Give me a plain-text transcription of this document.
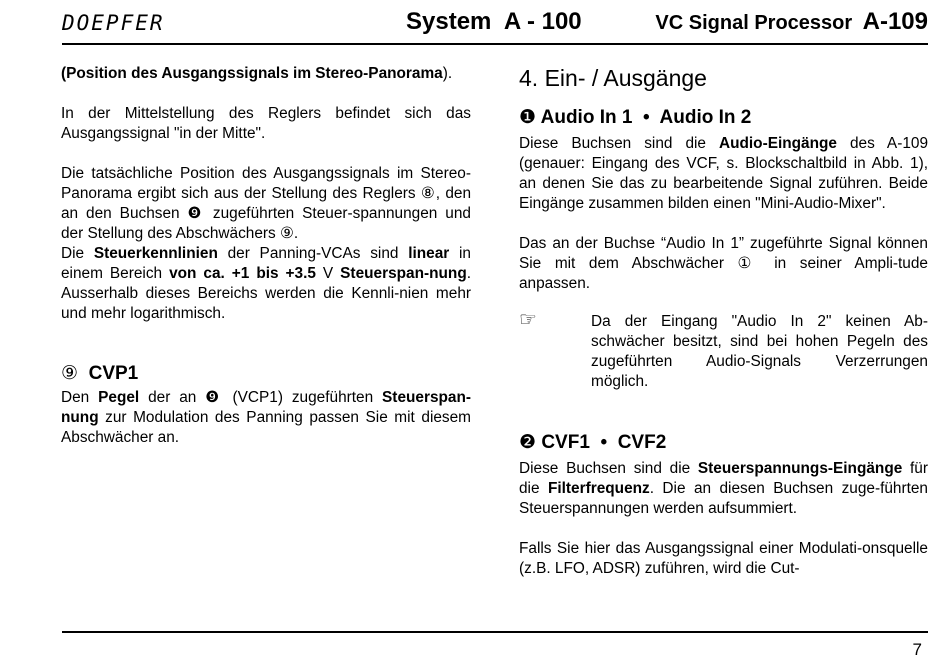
DOEPFER	System  A - 100	VC Signal Processor A-109

(Position des Ausgangssignals im Stereo-Panorama).

In der Mittelstellung des Reglers befindet sich das Ausgangssignal "in der Mitte".

Die tatsächliche Position des Ausgangssignals im Stereo-Panorama ergibt sich aus der Stellung des Reglers ⑧, den an den Buchsen ❾ zugeführten Steuer-spannungen und der Stellung des Abschwächers ⑨.

Die Steuerkennlinien der Panning-VCAs sind linear in einem Bereich von ca. +1 bis +3.5 V Steuerspan-nung. Ausserhalb dieses Bereichs werden die Kennli-nien mehr und mehr logarithmisch.

⑨ CVP1

Den Pegel der an ❾ (VCP1) zugeführten Steuerspan-nung zur Modulation des Panning passen Sie mit diesem Abschwächer an.

4. Ein- / Ausgänge
❶ Audio In 1 • Audio In 2

Diese Buchsen sind die Audio-Eingänge des A-109 (genauer: Eingang des VCF, s. Blockschaltbild in Abb. 1), an denen Sie das zu bearbeitende Signal zuführen. Beide Eingänge zusammen bilden einen "Mini-Audio-Mixer".

Das an der Buchse “Audio In 1” zugeführte Signal können Sie mit dem Abschwächer ① in seiner Ampli-tude anpassen.

☞	Da der Eingang "Audio In 2" keinen Ab-schwächer besitzt, sind bei hohen Pegeln des zugeführten Audio-Signals Verzerrungen möglich.

❷ CVF1 • CVF2

Diese Buchsen sind die Steuerspannungs-Eingänge für die Filterfrequenz. Die an diesen Buchsen zuge-führten Steuerspannungen werden aufsummiert.

Falls Sie hier das Ausgangssignal einer Modulati-onsquelle (z.B. LFO, ADSR) zuführen, wird die Cut-

7
